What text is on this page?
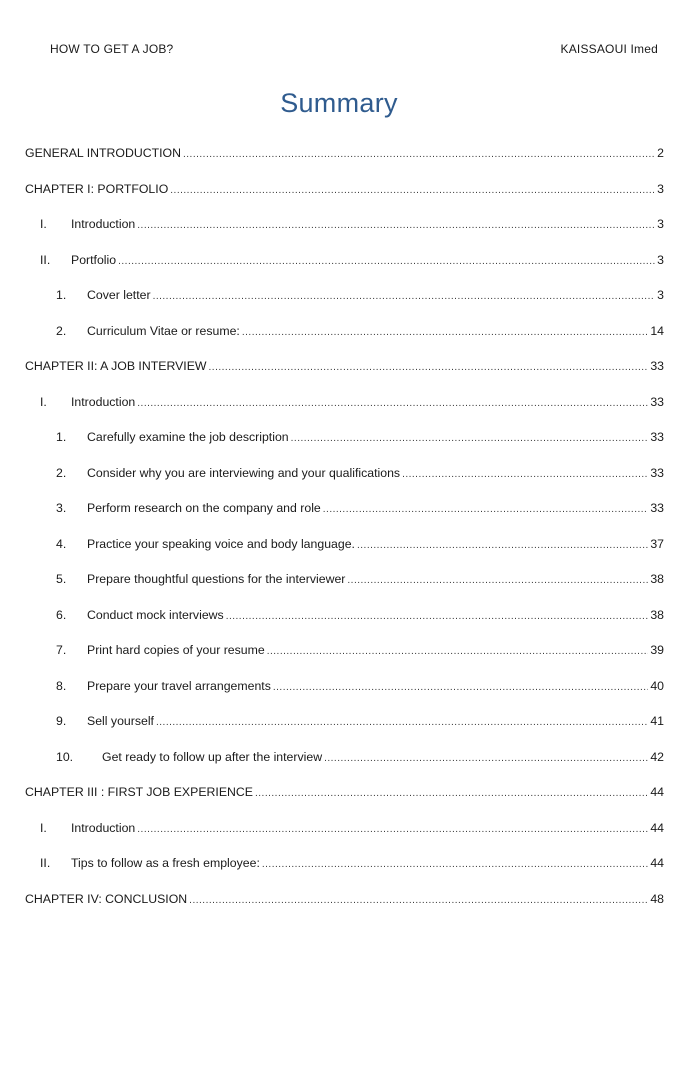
HOW TO GET A JOB?	KAISSAOUI Imed
Summary
GENERAL INTRODUCTION .....	2
CHAPTER I: PORTFOLIO .....	3
I.	Introduction .....	3
II.	Portfolio .....	3
1.	Cover letter .....	3
2.	Curriculum Vitae or resume: .....	14
CHAPTER II: A JOB INTERVIEW .....	33
I.	Introduction .....	33
1.	Carefully examine the job description .....	33
2.	Consider why you are interviewing and your qualifications .....	33
3.	Perform research on the company and role .....	33
4.	Practice your speaking voice and body language. .....	37
5.	Prepare thoughtful questions for the interviewer .....	38
6.	Conduct mock interviews .....	38
7.	Print hard copies of your resume .....	39
8.	Prepare your travel arrangements .....	40
9.	Sell yourself .....	41
10.	Get ready to follow up after the interview .....	42
CHAPTER III : FIRST JOB EXPERIENCE .....	44
I.	Introduction .....	44
II.	Tips to follow as a fresh employee: .....	44
CHAPTER IV: CONCLUSION .....	48
